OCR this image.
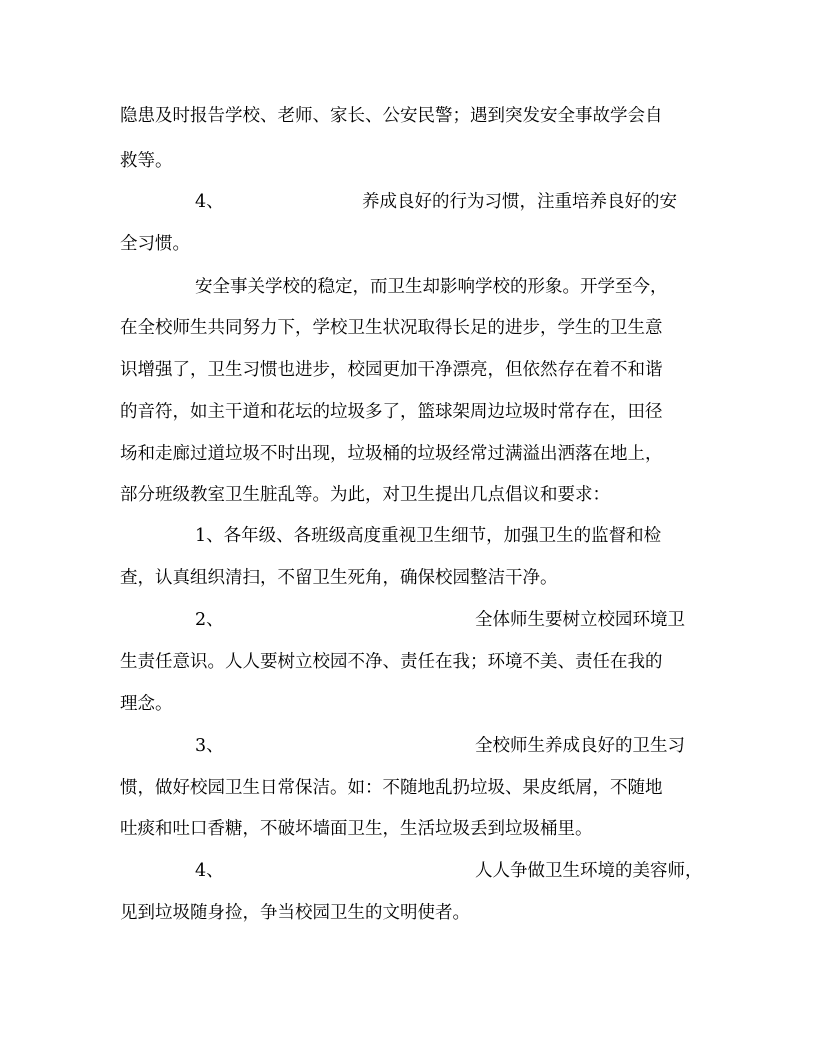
隐患及时报告学校、老师、家长、公安民警；遇到突发安全事故学会自
救等。
4、	养成良好的行为习惯，注重培养良好的安
全习惯。
安全事关学校的稳定，而卫生却影响学校的形象。开学至今，
在全校师生共同努力下，学校卫生状况取得长足的进步，学生的卫生意
识增强了，卫生习惯也进步，校园更加干净漂亮，但依然存在着不和谐
的音符，如主干道和花坛的垃圾多了，篮球架周边垃圾时常存在，田径
场和走廊过道垃圾不时出现，垃圾桶的垃圾经常过满溢出洒落在地上，
部分班级教室卫生脏乱等。为此，对卫生提出几点倡议和要求：
1、各年级、各班级高度重视卫生细节，加强卫生的监督和检
查，认真组织清扫，不留卫生死角，确保校园整洁干净。
2、	全体师生要树立校园环境卫
生责任意识。人人要树立校园不净、责任在我；环境不美、责任在我的
理念。
3、	全校师生养成良好的卫生习
惯，做好校园卫生日常保洁。如：不随地乱扔垃圾、果皮纸屑，不随地
吐痰和吐口香糖，不破坏墙面卫生，生活垃圾丢到垃圾桶里。
4、	人人争做卫生环境的美容师，
见到垃圾随身捡，争当校园卫生的文明使者。
